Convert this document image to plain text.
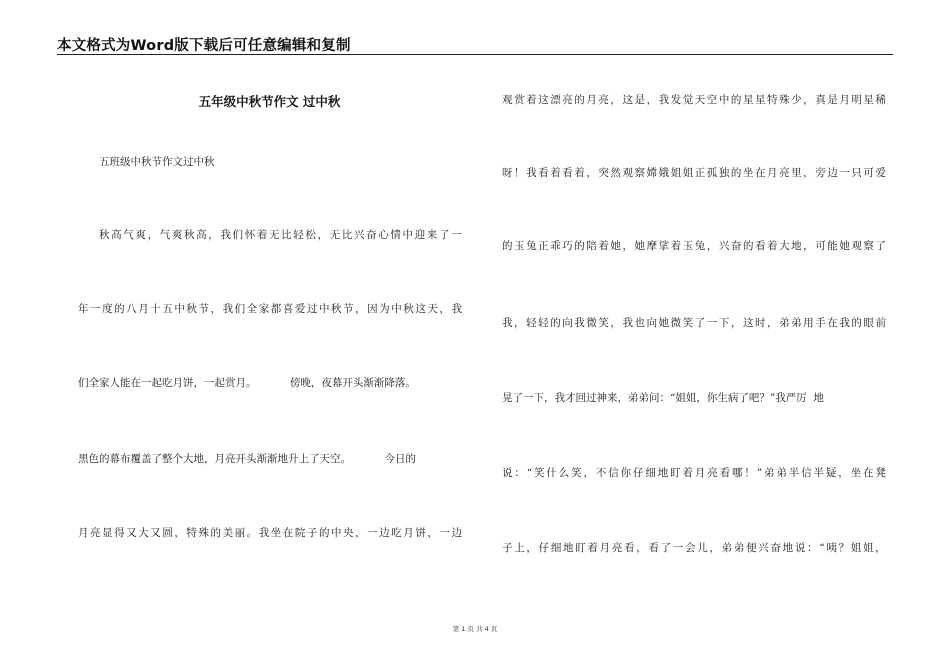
本文格式为Word版下载后可任意编辑和复制
五年级中秋节作文 过中秋
五班级中秋节作文过中秋
秋 高 气 爽 ， 气 爽 秋 高 ， 我 们 怀 着 无 比 轻 松 ， 无 比 兴 奋 心 情 中 迎 来 了 一
年 一 度 的 八 月 十 五 中 秋 节 ， 我 们 全 家 都 喜 爱 过 中 秋 节 ， 因 为 中 秋 这 天 ， 我
们全家人能在一起吃月饼，一起赏月。          傍晚，夜幕开头渐渐降落。
黑色的幕布覆盖了整个大地，月亮开头渐渐地升上了天空。          今日的
月 亮 显 得 又 大 又 圆 ， 特 殊 的 美 丽 。 我 坐 在 院 子 的 中 央 ， 一 边 吃 月 饼 ， 一 边
观 赏 着 这 漂 亮 的 月 亮 ， 这 是 ， 我 发 觉 天 空 中 的 星 星 特 殊 少 ， 真 是 月 明 星 稀
呀 ！ 我 看 着 看 着 ， 突 然 观 察 嫦 娥 姐 姐 正 孤 独 的 坐 在 月 亮 里 ， 旁 边 一 只 可 爱
的 玉 兔 正 乖 巧 的 陪 着 她 ， 她 摩 挲 着 玉 兔 ， 兴 奋 的 看 着 大 地 ， 可 能 她 观 察 了
我 ， 轻 轻 的 向 我 微 笑 ， 我 也 向 她 微 笑 了 一 下 ， 这 时 ， 弟 弟 用 手 在 我 的 眼 前
晃了一下，我才回过神来，弟弟问：“姐姐，你生病了吧？”我严厉  地
说 ： “ 笑 什 么 笑 ， 不 信 你 仔 细 地 盯 着 月 亮 看 哪 ！ ” 弟 弟 半 信 半 疑 ， 坐 在 凳
子 上 ， 仔 细 地 盯 着 月 亮 看 ， 看 了 一 会 儿 ， 弟 弟 便 兴 奋 地 说 ： “ 咦 ？ 姐 姐 ，
第 1 页 共 4 页
